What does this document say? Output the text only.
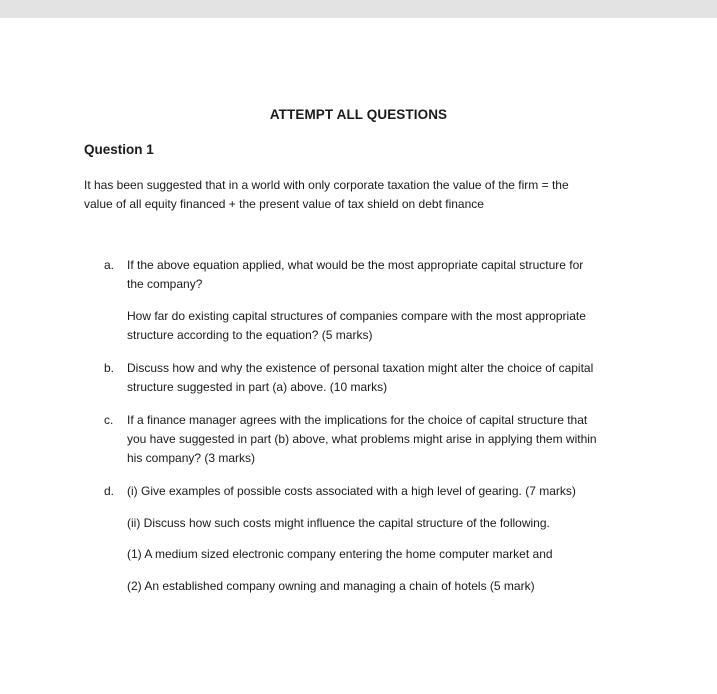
ATTEMPT ALL QUESTIONS
Question 1
It has been suggested that in a world with only corporate taxation the value of the firm = the
value of all equity financed + the present value of tax shield on debt finance
a.	If the above equation applied, what would be the most appropriate capital structure for
the company?
How far do existing capital structures of companies compare with the most appropriate
structure according to the equation? (5 marks)
b.	Discuss how and why the existence of personal taxation might alter the choice of capital
structure suggested in part (a) above. (10 marks)
c.	If a finance manager agrees with the implications for the choice of capital structure that
you have suggested in part (b) above, what problems might arise in applying them within
his company? (3 marks)
d.	(i) Give examples of possible costs associated with a high level of gearing. (7 marks)
(ii) Discuss how such costs might influence the capital structure of the following.
(1) A medium sized electronic company entering the home computer market and
(2) An established company owning and managing a chain of hotels (5 mark)
